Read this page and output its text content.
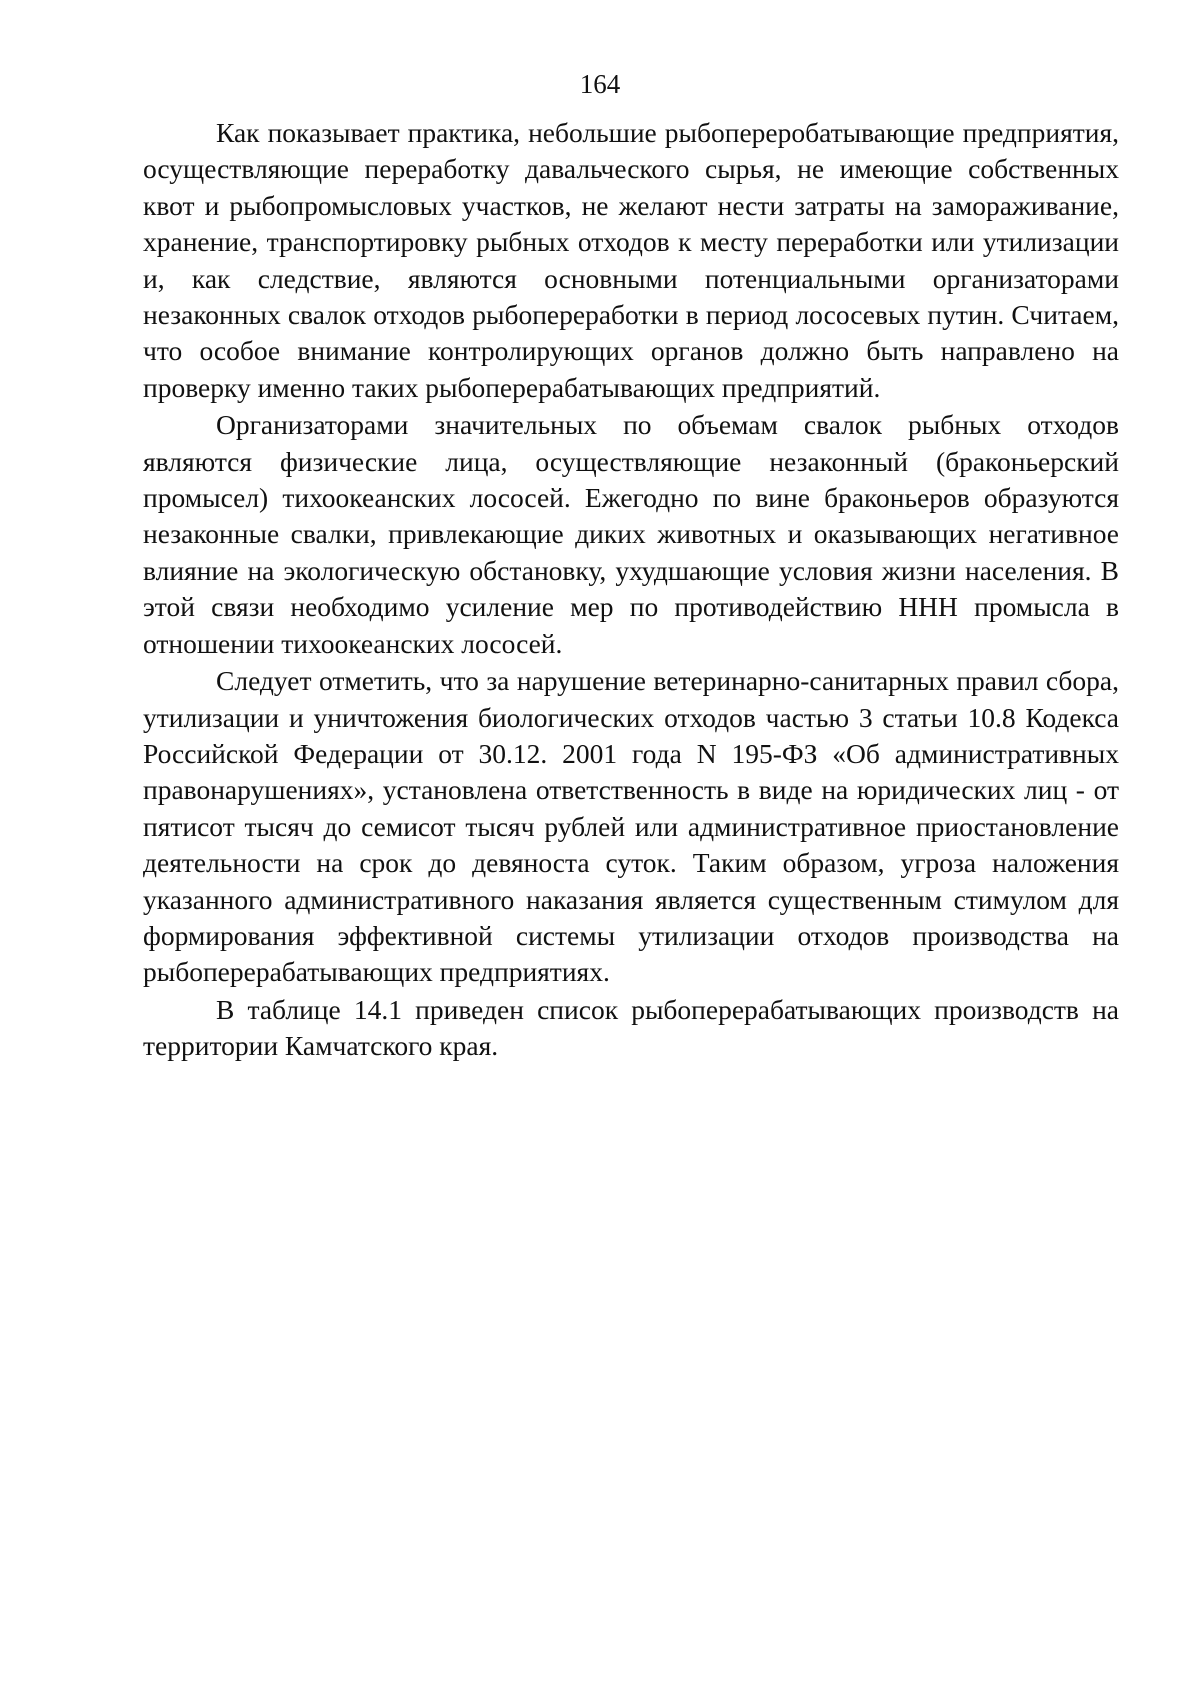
164

Как показывает практика, небольшие рыбопереробатывающие предприятия, осуществляющие переработку давальческого сырья, не имеющие собственных квот и рыбопромысловых участков, не желают нести затраты на замораживание, хранение, транспортировку рыбных отходов к месту переработки или утилизации и, как следствие, являются основными потенциальными организаторами незаконных свалок отходов рыбопереработки в период лососевых путин. Считаем, что особое внимание контролирующих органов должно быть направлено на проверку именно таких рыбоперерабатывающих предприятий.

Организаторами значительных по объемам свалок рыбных отходов являются физические лица, осуществляющие незаконный (браконьерский промысел) тихоокеанских лососей. Ежегодно по вине браконьеров образуются незаконные свалки, привлекающие диких животных и оказывающих негативное влияние на экологическую обстановку, ухудшающие условия жизни населения. В этой связи необходимо усиление мер по противодействию ННН промысла в отношении тихоокеанских лососей.

Следует отметить, что за нарушение ветеринарно-санитарных правил сбора, утилизации и уничтожения биологических отходов частью 3 статьи 10.8 Кодекса Российской Федерации от 30.12. 2001 года N 195-ФЗ «Об административных правонарушениях», установлена ответственность в виде на юридических лиц - от пятисот тысяч до семисот тысяч рублей или административное приостановление деятельности на срок до девяноста суток. Таким образом, угроза наложения указанного административного наказания является существенным стимулом для формирования эффективной системы утилизации отходов производства на рыбоперерабатывающих предприятиях.

В таблице 14.1 приведен список рыбоперерабатывающих производств на территории Камчатского края.
